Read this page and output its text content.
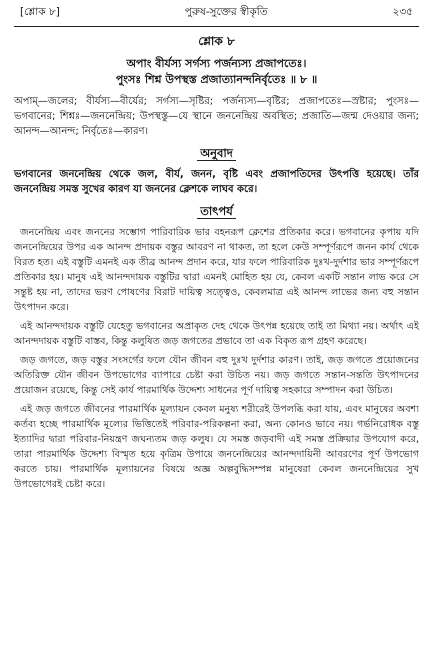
[শ্লোক ৮]	পুরুষ-সুক্তের স্বীকৃতি	২৩৫
শ্লোক ৮
অপাং বীর্যস্য সর্গস্য পর্জন্যস্য প্রজাপতেঃ।
পুংসঃ শিশ্ন উপস্থস্ত প্রজাত্যানন্দনির্বৃতেঃ ॥ ৮ ॥
অপাম্—জলের; বীর্যস্য—বীর্যের; সর্গস্য—সৃষ্টির; পর্জন্যস্য—বৃষ্টির; প্রজাপতেঃ—স্রষ্টার; পুংসঃ—ভগবানের; শিশ্নঃ—জননেন্দ্রিয়; উপস্থস্তু—যে স্থানে জননেন্দ্রিয় অবস্থিত; প্রজাতি—জন্ম দেওয়ার জন্য; আনন্দ—আনন্দ; নির্বৃতেঃ—কারণ।
অনুবাদ
ভগবানের জননেন্দ্রিয় থেকে জল, বীর্য, জনন, বৃষ্টি এবং প্রজাপতিদের উৎপত্তি হয়েছে। তাঁর জননেন্দ্রিয় সমস্ত সুখের কারণ যা জননের ক্লেশকে লাঘব করে।
তাৎপর্য

জননেন্দ্রিয় এবং জননের সম্ভোগ পারিবারিক ভার বহনরূপ ক্লেশের প্রতিকার করে। ভগবানের কৃপায় যদি জননেন্দ্রিয়ের উপর এক আনন্দ প্রদায়ক বস্তুর আবরণ না থাকত, তা হলে কেউ সম্পূর্ণরূপে জনন কার্য থেকে বিরত হত। এই বস্তুটি এমনই এক তীব্র আনন্দ প্রদান করে, যার ফলে পারিবারিক দুঃখ-দুর্দশার ভার সম্পূর্ণরূপে প্রতিকার হয়। মানুষ এই আনন্দদায়ক বস্তুটির দ্বারা এমনই মোহিত হয় যে, কেবল একটি সন্তান লাভ করে সে সন্তুষ্ট হয় না, তাদের ভরণ পোষণের বিরাট দায়িত্ব সত্ত্বেও, কেবলমাত্র এই আনন্দ লাভের জন্য বহু সন্তান উৎপাদন করে।

এই আনন্দদায়ক বস্তুটি যেহেতু ভগবানের অপ্রাকৃত দেহ থেকে উৎপন্ন হয়েছে তাই তা মিথ্যা নয়। অর্থাৎ এই আনন্দদায়ক বস্তুটি বাস্তব, কিন্তু কলুষিত জড় জগতের প্রভাবে তা এক বিকৃত রূপ গ্রহণ করেছে।

জড় জগতে, জড় বস্তুর সংসর্গের ফলে যৌন জীবন বহু দুঃখ দুর্দশার কারণ। তাই, জড় জগতে প্রয়োজনের অতিরিক্ত যৌন জীবন উপভোগের ব্যাপারে চেষ্টা করা উচিত নয়। জড় জগতে সন্তান-সন্ততি উৎপাদনের প্রয়োজন রয়েছে, কিন্তু সেই কার্য পারমার্থিক উদ্দেশ্য সাধনের পূর্ণ দায়িত্ব সহকারে সম্পাদন করা উচিত।

এই জড় জগতে জীবনের পারমার্থিক মূল্যায়ন কেবল মনুষ্য শরীরেই উপলব্ধি করা যায়, এবং মানুষের অবশ্য কর্তব্য হচ্ছে পারমার্থিক মূল্যের ভিত্তিতেই পরিবার-পরিকল্পনা করা, অন্য কোনও ভাবে নয়। গর্ভনিরোধক বস্তু ইত্যাদির দ্বারা পরিবার-নিয়ন্ত্রণ জঘন্যতম জড় কলুষ। যে সমস্ত জড়বাদী এই সমস্ত প্রক্রিয়ার উপযোগ করে, তারা পারমার্থিক উদ্দেশ্য বিস্মৃত হয়ে কৃত্রিম উপায়ে জননেন্দ্রিয়ের আনন্দদায়িনী আবরণের পূর্ণ উপভোগ করতে চায়। পারমার্থিক মূল্যায়নের বিষয়ে অজ্ঞ অল্পবুদ্ধিসম্পন্ন মানুষেরা কেবল জননেন্দ্রিয়ের সুখ উপভোগেরই চেষ্টা করে।
